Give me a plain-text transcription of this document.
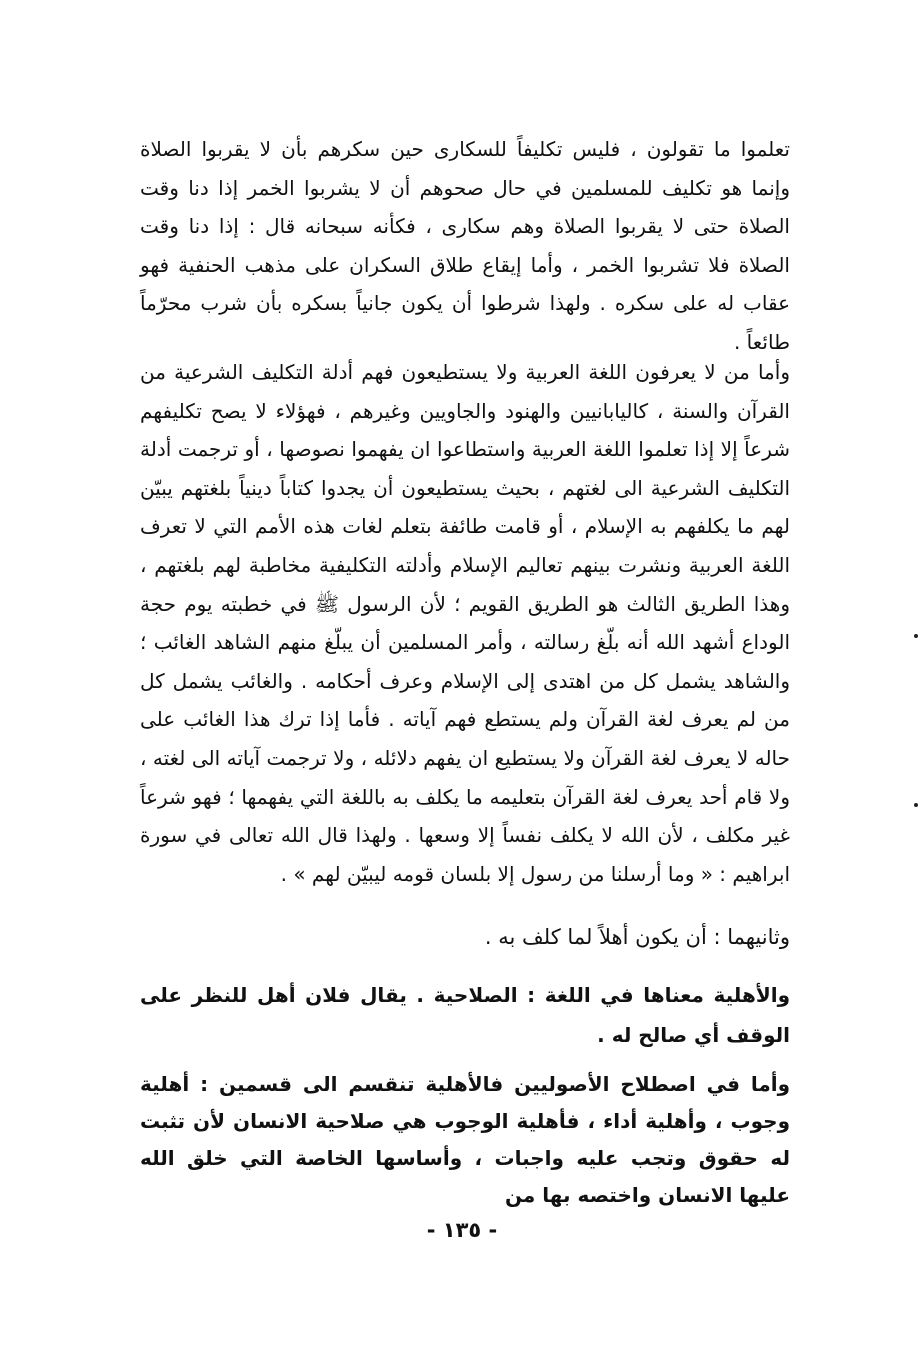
تعلموا ما تقولون ، فليس تكليفاً للسكارى حين سكرهم بأن لا يقربوا الصلاة وإنما هو تكليف للمسلمين في حال صحوهم أن لا يشربوا الخمر إذا دنا وقت الصلاة حتى لا يقربوا الصلاة وهم سكارى ، فكأنه سبحانه قال : إذا دنا وقت الصلاة فلا تشربوا الخمر ، وأما إيقاع طلاق السكران على مذهب الحنفية فهو عقاب له على سكره . ولهذا شرطوا أن يكون جانياً بسكره بأن شرب محرّماً طائعاً .

وأما من لا يعرفون اللغة العربية ولا يستطيعون فهم أدلة التكليف الشرعية من القرآن والسنة ، كاليابانيين والهنود والجاويين وغيرهم ، فهؤلاء لا يصح تكليفهم شرعاً إلا إذا تعلموا اللغة العربية واستطاعوا ان يفهموا نصوصها ، أو ترجمت أدلة التكليف الشرعية الى لغتهم ، بحيث يستطيعون أن يجدوا كتاباً دينياً بلغتهم يبيّن لهم ما يكلفهم به الإسلام ، أو قامت طائفة بتعلم لغات هذه الأمم التي لا تعرف اللغة العربية ونشرت بينهم تعاليم الإسلام وأدلته التكليفية مخاطبة لهم بلغتهم ، وهذا الطريق الثالث هو الطريق القويم ؛ لأن الرسول ﷺ في خطبته يوم حجة الوداع أشهد الله أنه بلّغ رسالته ، وأمر المسلمين أن يبلّغ منهم الشاهد الغائب ؛ والشاهد يشمل كل من اهتدى إلى الإسلام وعرف أحكامه . والغائب يشمل كل من لم يعرف لغة القرآن ولم يستطع فهم آياته . فأما إذا ترك هذا الغائب على حاله لا يعرف لغة القرآن ولا يستطيع ان يفهم دلائله ، ولا ترجمت آياته الى لغته ، ولا قام أحد يعرف لغة القرآن بتعليمه ما يكلف به باللغة التي يفهمها ؛ فهو شرعاً غير مكلف ، لأن الله لا يكلف نفساً إلا وسعها . ولهذا قال الله تعالى في سورة ابراهيم : « وما أرسلنا من رسول إلا بلسان قومه ليبيّن لهم » .

وثانيهما : أن يكون أهلاً لما كلف به .

والأهلية معناها في اللغة : الصلاحية . يقال فلان أهل للنظر على الوقف أي صالح له .

وأما في اصطلاح الأصوليين فالأهلية تنقسم الى قسمين : أهلية وجوب ، وأهلية أداء ، فأهلية الوجوب هي صلاحية الانسان لأن تثبت له حقوق وتجب عليه واجبات ، وأساسها الخاصة التي خلق الله عليها الانسان واختصه بها من

- ١٣٥ -
